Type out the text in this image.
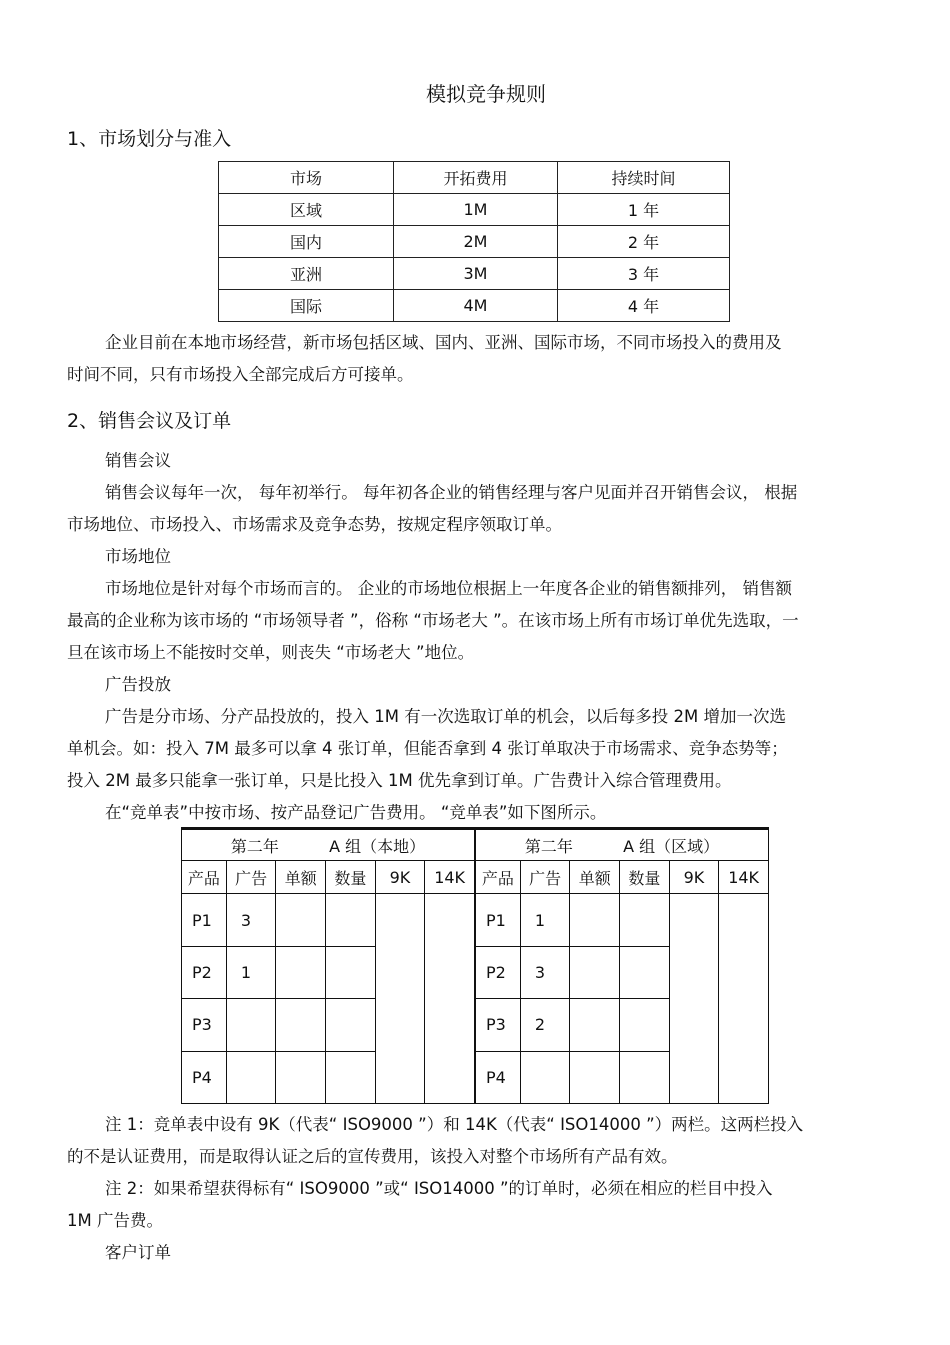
模拟竞争规则
1、市场划分与准入
市场	开拓费用	持续时间
区域	1M	1 年
国内	2M	2 年
亚洲	3M	3 年
国际	4M	4 年
企业目前在本地市场经营，新市场包括区域、国内、亚洲、国际市场，不同市场投入的费用及
时间不同，只有市场投入全部完成后方可接单。
2、销售会议及订单
销售会议
销售会议每年一次， 每年初举行。 每年初各企业的销售经理与客户见面并召开销售会议， 根据
市场地位、市场投入、市场需求及竞争态势，按规定程序领取订单。
市场地位
市场地位是针对每个市场而言的。 企业的市场地位根据上一年度各企业的销售额排列， 销售额
最高的企业称为该市场的 “市场领导者 ”，俗称 “市场老大 ”。在该市场上所有市场订单优先选取，一
旦在该市场上不能按时交单，则丧失 “市场老大 ”地位。
广告投放
广告是分市场、分产品投放的，投入 1M 有一次选取订单的机会，以后每多投 2M 增加一次选
单机会。如：投入 7M 最多可以拿 4 张订单，但能否拿到 4 张订单取决于市场需求、竞争态势等；
投入 2M 最多只能拿一张订单，只是比投入 1M 优先拿到订单。广告费计入综合管理费用。
在“竞单表”中按市场、按产品登记广告费用。 “竞单表”如下图所示。
第二年 A 组（本地）					
产品	广告	单额	数量	9K	14K
P1	3				
P2	1				
P3					
P4					
第二年 A 组（区域）					
产品	广告	单额	数量	9K	14K
P1	1				
P2	3				
P3	2				
P4					
注 1：竞单表中设有 9K（代表“ ISO9000 ”）和 14K（代表“ ISO14000 ”）两栏。这两栏投入
的不是认证费用，而是取得认证之后的宣传费用，该投入对整个市场所有产品有效。
注 2：如果希望获得标有“ ISO9000 ”或“ ISO14000 ”的订单时，必须在相应的栏目中投入
1M 广告费。
客户订单
